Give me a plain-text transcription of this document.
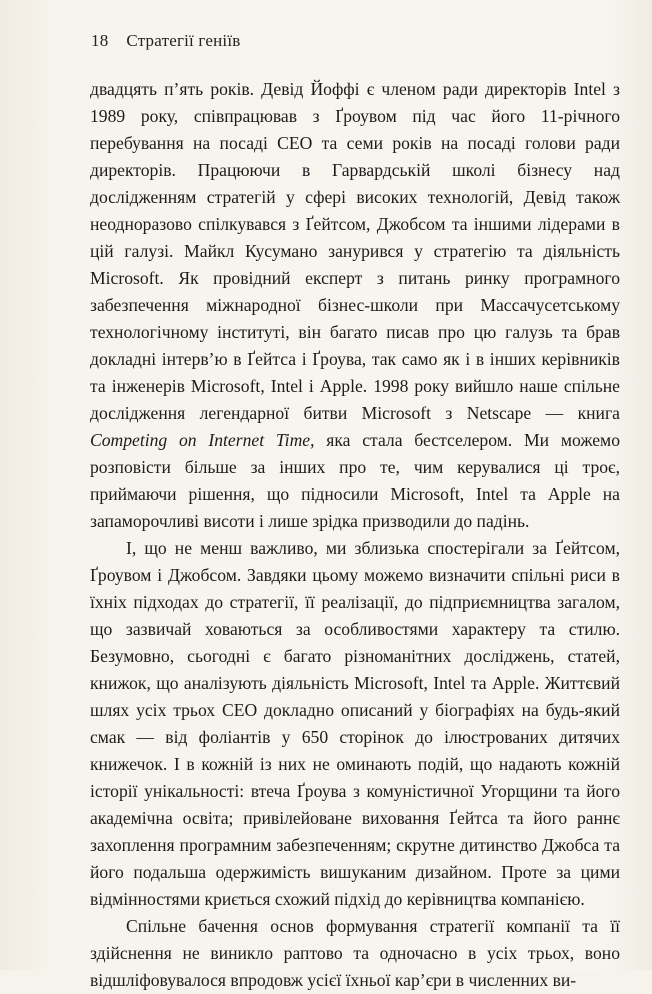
18 Стратегії геніїв

двадцять п’ять років. Девід Йоффі є членом ради директорів Intel з 1989 року, співпрацював з Ґроувом під час його 11-річного перебування на посаді CEO та семи років на посаді голови ради директорів. Працюючи в Гарвардській школі бізнесу над дослідженням стратегій у сфері високих технологій, Девід також неодноразово спілкувався з Ґейтсом, Джобсом та іншими лідерами в цій галузі. Майкл Кусумано занурився у стратегію та діяльність Microsoft. Як провідний експерт з питань ринку програмного забезпечення міжнародної бізнес-школи при Массачусетському технологічному інституті, він багато писав про цю галузь та брав докладні інтерв’ю в Ґейтса і Ґроува, так само як і в інших керівників та інженерів Microsoft, Intel і Apple. 1998 року вийшло наше спільне дослідження легендарної битви Microsoft з Netscape — книга Competing on Internet Time, яка стала бестселером. Ми можемо розповісти більше за інших про те, чим керувалися ці троє, приймаючи рішення, що підносили Microsoft, Intel та Apple на запаморочливі висоти і лише зрідка призводили до падінь.

І, що не менш важливо, ми зблизька спостерігали за Ґейтсом, Ґроувом і Джобсом. Завдяки цьому можемо визначити спільні риси в їхніх підходах до стратегії, її реалізації, до підприємництва загалом, що зазвичай ховаються за особливостями характеру та стилю. Безумовно, сьогодні є багато різноманітних досліджень, статей, книжок, що аналізують діяльність Microsoft, Intel та Apple. Життєвий шлях усіх трьох CEO докладно описаний у біографіях на будь-який смак — від фоліантів у 650 сторінок до ілюстрованих дитячих книжечок. І в кожній із них не оминають подій, що надають кожній історії унікальності: втеча Ґроува з комуністичної Угорщини та його академічна освіта; привілейоване виховання Ґейтса та його раннє захоплення програмним забезпеченням; скрутне дитинство Джобса та його подальша одержимість вишуканим дизайном. Проте за цими відмінностями криється схожий підхід до керівництва компанією.

Спільне бачення основ формування стратегії компанії та її здійснення не виникло раптово та одночасно в усіх трьох, воно відшліфовувалося впродовж усієї їхньої кар’єри в численних ви-
